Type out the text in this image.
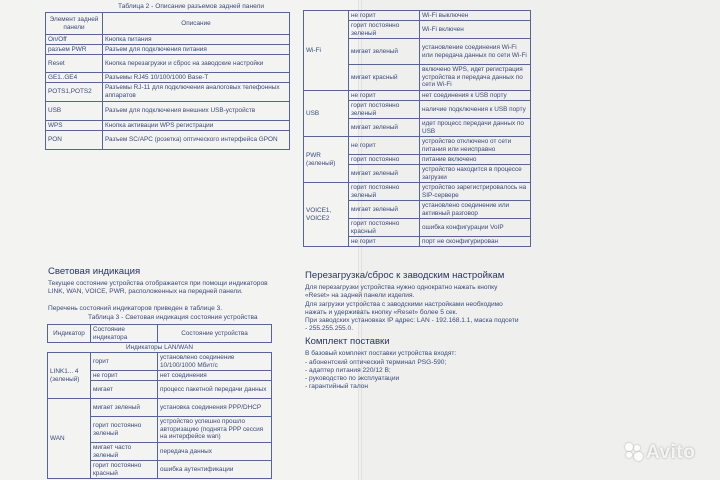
Таблица 2 - Описание разъемов задней панели
Элемент задней панели	Описание
On/Off	Кнопка питания
разъем PWR	Разъем для подключения питания
Reset	Кнопка перезагрузки и сброс на заводские настройки
GE1..GE4	Разъемы RJ45 10/100/1000 Base-T
POTS1,POTS2	Разъемы RJ-11 для подключения аналоговых телефонных аппаратов
USB	Разъем для подключения внешних USB-устройств
WPS	Кнопка активации WPS регистрации
PON	Разъем SC/APC (розетка) оптического интерфейса GPON
Световая индикация

Текущее состояние устройства отображается при помощи индикаторов LINK, WAN, VOICE, PWR, расположенных на передней панели.

Перечень состояний индикаторов приведен в таблице 3.

Таблица 3 - Световая индикация состояния устройства
Индикатор	Состояние индикатора	Состояние устройства
Индикаторы LAN/WAN		
LINK1... 4 (зеленый)	горит	установлено соединение 10/100/1000 Мбит/с
	не горит	нет соединения
	мигает	процесс пакетной передачи данных
WAN	мигает зеленый	установка соединения PPP/DHCP
	горит постоянно зеленый	устройство успешно прошло авторизацию (поднята PPP сессия на интерфейсе wan)
	мигает часто зеленый	передача данных
	горит постоянно красный	ошибка аутентификации
Wi-Fi	не горит	Wi-Fi выключен
	горит постоянно зеленый	Wi-Fi включен
	мигает зеленый	установление соединения Wi-Fi или передача данных по сети Wi-Fi
	мигает красный	включено WPS, идет регистрация устройства и передача данных по сети Wi-Fi
USB	не горит	нет соединения к USB порту
	горит постоянно зеленый	наличие подключения к USB порту
	мигает зеленый	идет процесс передачи данных по USB
PWR (зеленый)	не горит	устройство отключено от сети питания или неисправно
	горит постоянно	питание включено
	мигает зеленый	устройство находится в процессе загрузки
VOICE1, VOICE2	горит постоянно зеленый	устройство зарегистрировалось на SIP-сервере
	мигает зеленый	установлено соединение или активный разговор
	горит постоянно красный	ошибка конфигурации VoIP
	не горит	порт не сконфигурирован
Перезагрузка/сброс к заводским настройкам

Для перезагрузки устройства нужно однократно нажать кнопку «Reset» на задней панели изделия.

Для загрузки устройства с заводскими настройками необходимо нажать и удерживать кнопку «Reset» более 5 сек.

При заводских установках IP адрес: LAN - 192.168.1.1, маска подсети - 255.255.255.0.

Комплект поставки

В базовый комплект поставки устройства входят:

- абонентский оптический терминал PSG-590;
- адаптер питания 220/12 В;
- руководство по эксплуатации
- гарантийный талон
Avito
